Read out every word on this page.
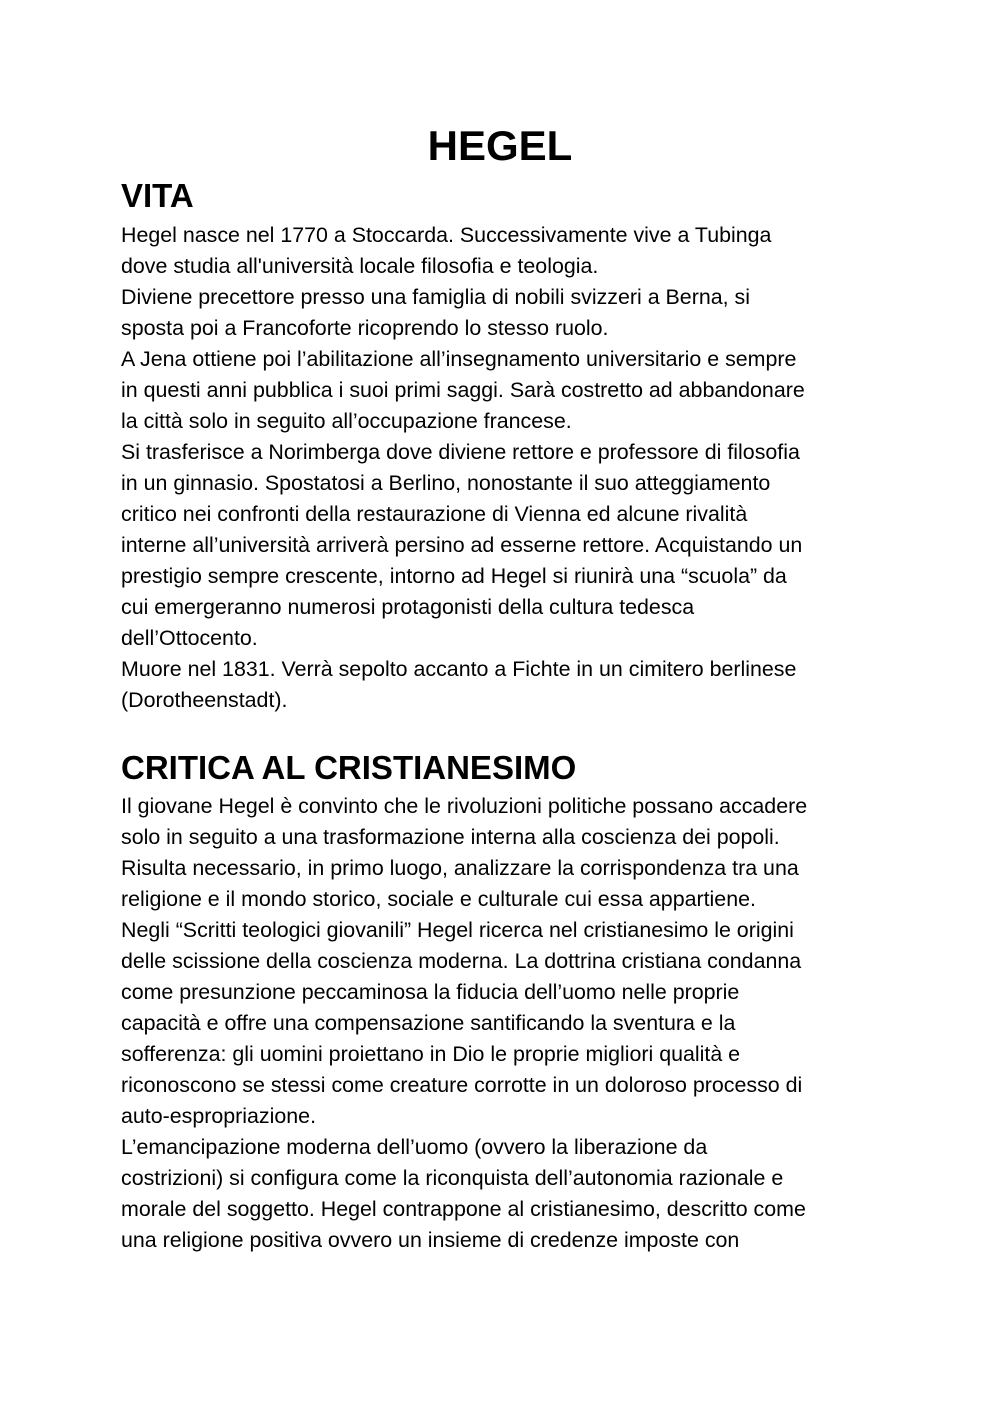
HEGEL
VITA
Hegel nasce nel 1770 a Stoccarda. Successivamente vive a Tubinga
dove studia all'università locale filosofia e teologia.
Diviene precettore presso una famiglia di nobili svizzeri a Berna, si
sposta poi a Francoforte ricoprendo lo stesso ruolo.
A Jena ottiene poi l’abilitazione all’insegnamento universitario e sempre
in questi anni pubblica i suoi primi saggi. Sarà costretto ad abbandonare
la città solo in seguito all’occupazione francese.
Si trasferisce a Norimberga dove diviene rettore e professore di filosofia
in un ginnasio. Spostatosi a Berlino, nonostante il suo atteggiamento
critico nei confronti della restaurazione di Vienna ed alcune rivalità
interne all’università arriverà persino ad esserne rettore. Acquistando un
prestigio sempre crescente, intorno ad Hegel si riunirà una “scuola” da
cui emergeranno numerosi protagonisti della cultura tedesca
dell’Ottocento.
Muore nel 1831. Verrà sepolto accanto a Fichte in un cimitero berlinese
(Dorotheenstadt).
CRITICA AL CRISTIANESIMO
Il giovane Hegel è convinto che le rivoluzioni politiche possano accadere
solo in seguito a una trasformazione interna alla coscienza dei popoli.
Risulta necessario, in primo luogo, analizzare la corrispondenza tra una
religione e il mondo storico, sociale e culturale cui essa appartiene.
Negli “Scritti teologici giovanili” Hegel ricerca nel cristianesimo le origini
delle scissione della coscienza moderna. La dottrina cristiana condanna
come presunzione peccaminosa la fiducia dell’uomo nelle proprie
capacità e offre una compensazione santificando la sventura e la
sofferenza: gli uomini proiettano in Dio le proprie migliori qualità e
riconoscono se stessi come creature corrotte in un doloroso processo di
auto-espropriazione.
L’emancipazione moderna dell’uomo (ovvero la liberazione da
costrizioni) si configura come la riconquista dell’autonomia razionale e
morale del soggetto. Hegel contrappone al cristianesimo, descritto come
una religione positiva ovvero un insieme di credenze imposte con
